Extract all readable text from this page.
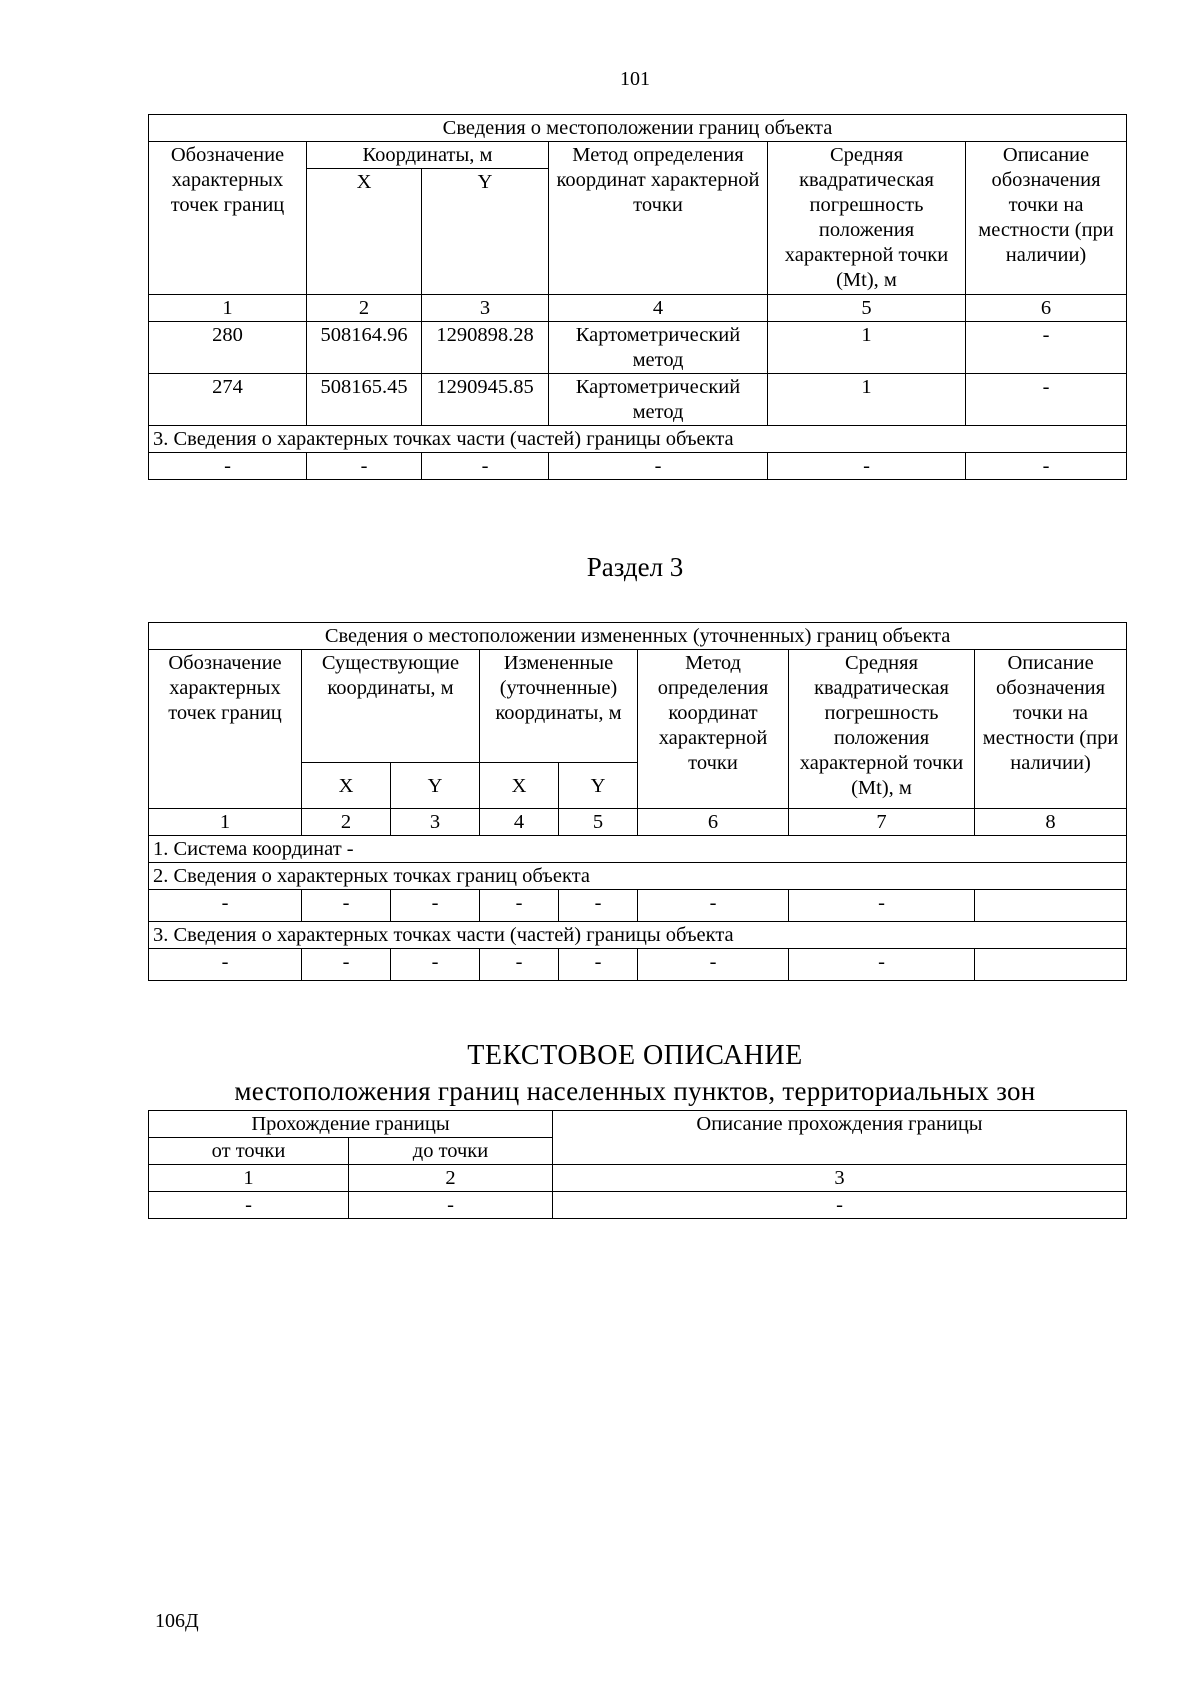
101
Сведения о местоположении границ объекта					
Обозначение характерных точек границ	Координаты, м		Метод определения координат характерной точки	Средняя квадратическая погрешность положения характерной точки (Mt), м	Описание обозначения точки на местности (при наличии)
	X	Y			
1	2	3	4	5	6
280	508164.96	1290898.28	Картометрический метод	1	-
274	508165.45	1290945.85	Картометрический метод	1	-
3. Сведения о характерных точках части (частей) границы объекта					
-	-	-	-	-	-
Раздел 3
Сведения о местоположении измененных (уточненных) границ объекта							
Обозначение характерных точек границ	Существующие координаты, м		Измененные (уточненные) координаты, м		Метод определения координат характерной точки	Средняя квадратическая погрешность положения характерной точки (Mt), м	Описание обозначения точки на местности (при наличии)
	X	Y	X	Y			
1	2	3	4	5	6	7	8
1. Система координат -							
2. Сведения о характерных точках границ объекта							
-	-	-	-	-	-	-	
3. Сведения о характерных точках части (частей) границы объекта							
-	-	-	-	-	-	-	
ТЕКСТОВОЕ ОПИСАНИЕ
местоположения границ населенных пунктов, территориальных зон
Прохождение границы		Описание прохождения границы
от точки	до точки	
1	2	3
-	-	-
106Д
